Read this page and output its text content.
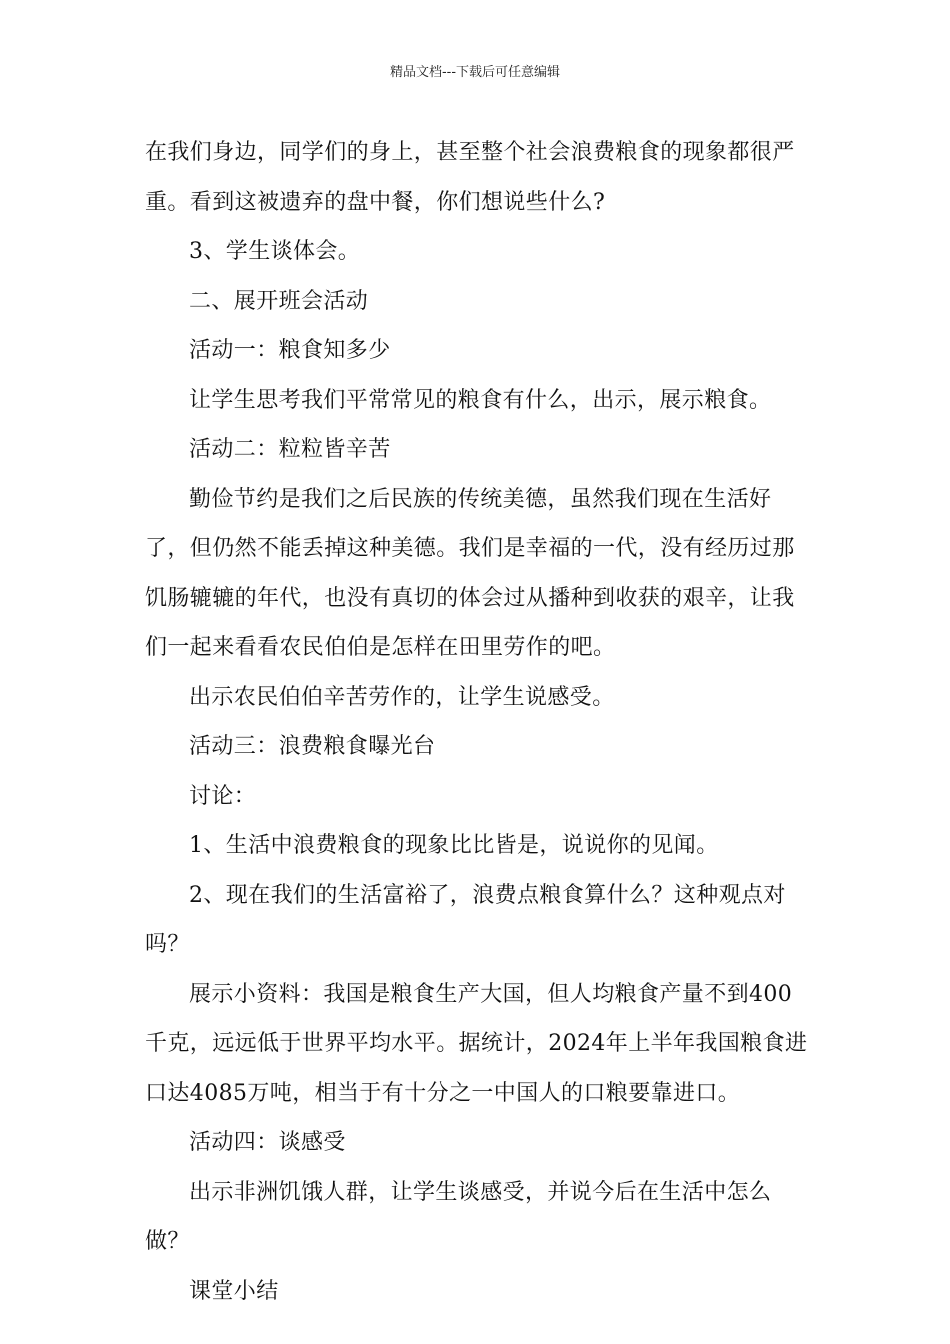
精品文档---下载后可任意编辑

在我们身边，同学们的身上，甚至整个社会浪费粮食的现象都很严重。看到这被遗弃的盘中餐，你们想说些什么?

3、学生谈体会。

二、展开班会活动

活动一：粮食知多少

让学生思考我们平常常见的粮食有什么，出示，展示粮食。

活动二：粒粒皆辛苦

勤俭节约是我们之后民族的传统美德，虽然我们现在生活好了，但仍然不能丢掉这种美德。我们是幸福的一代，没有经历过那饥肠辘辘的年代，也没有真切的体会过从播种到收获的艰辛，让我们一起来看看农民伯伯是怎样在田里劳作的吧。

出示农民伯伯辛苦劳作的，让学生说感受。

活动三：浪费粮食曝光台

讨论：

1、生活中浪费粮食的现象比比皆是，说说你的见闻。

2、现在我们的生活富裕了，浪费点粮食算什么？这种观点对吗？

展示小资料：我国是粮食生产大国，但人均粮食产量不到400千克，远远低于世界平均水平。据统计，2024年上半年我国粮食进口达4085万吨，相当于有十分之一中国人的口粮要靠进口。

活动四：谈感受

出示非洲饥饿人群，让学生谈感受，并说今后在生活中怎么做？

课堂小结
